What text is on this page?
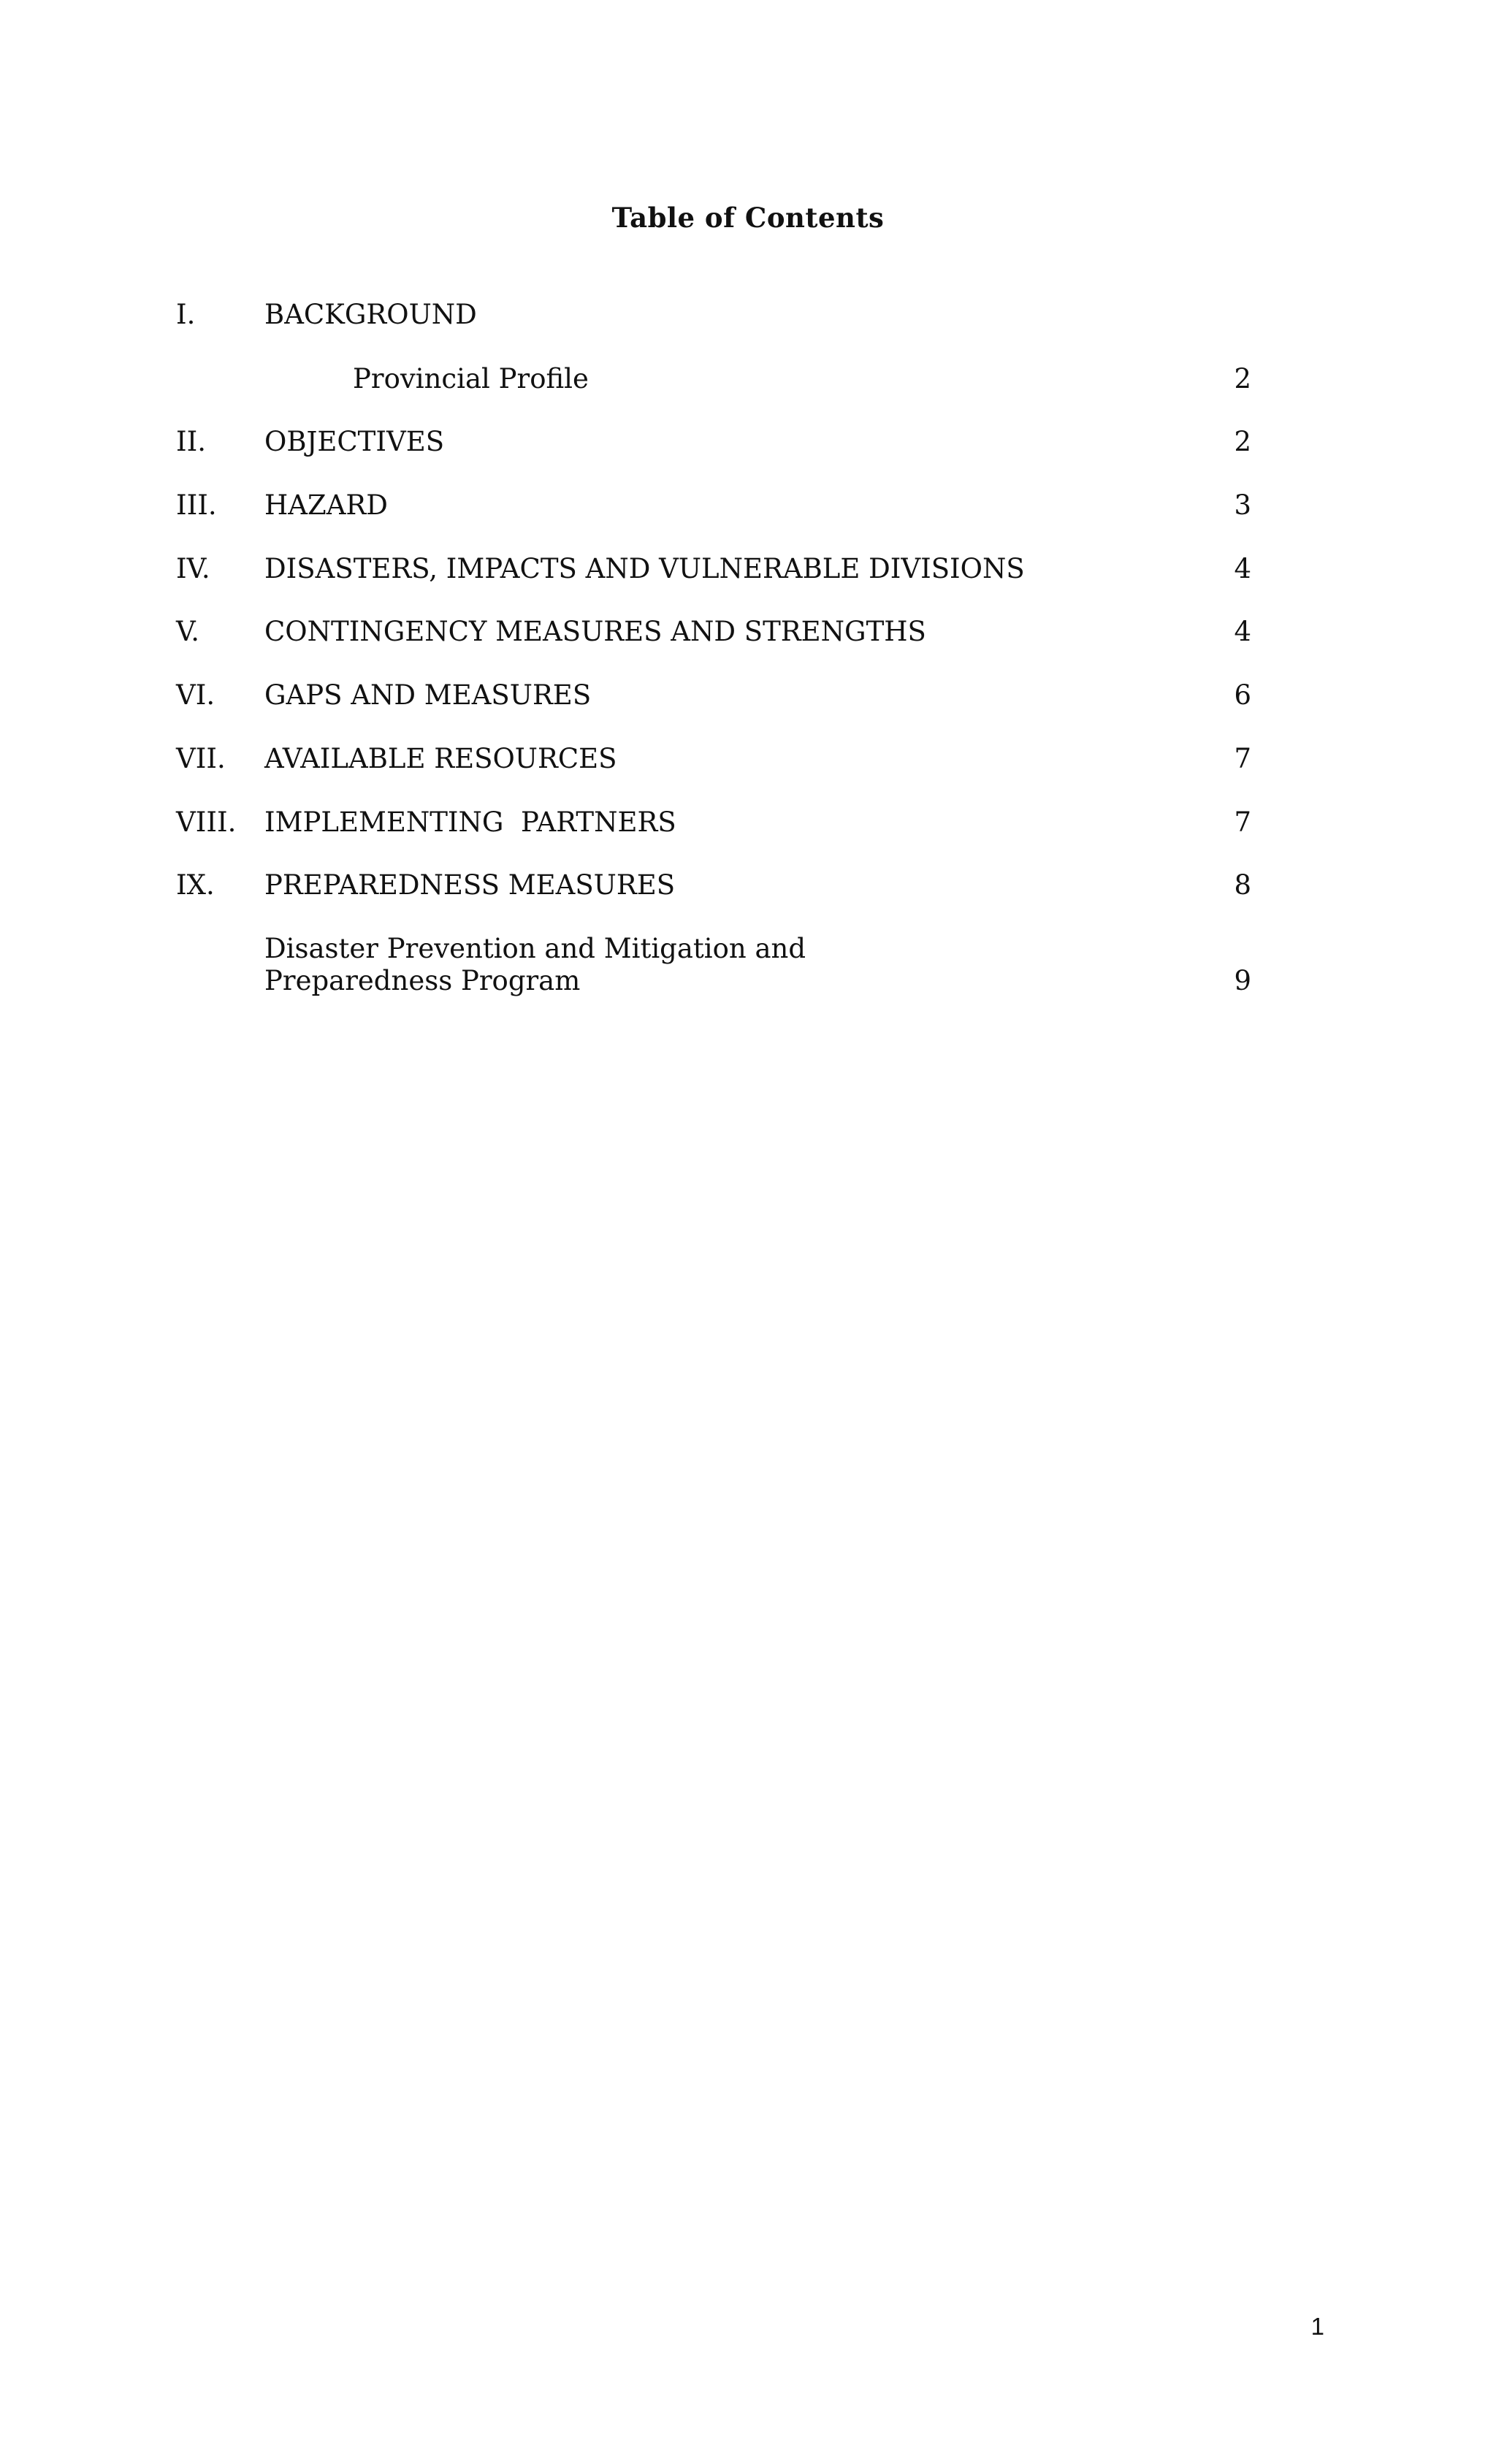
Table of Contents
I.	BACKGROUND
Provincial Profile	2
II. OBJECTIVES	2
III. HAZARD	3
IV. DISASTERS, IMPACTS AND VULNERABLE DIVISIONS	4
V. CONTINGENCY MEASURES AND STRENGTHS	4
VI. GAPS AND MEASURES	6
VII. AVAILABLE RESOURCES	7
VIII. IMPLEMENTING  PARTNERS	7
IX. PREPAREDNESS MEASURES	8
Disaster Prevention and Mitigation and Preparedness Program	9
1
